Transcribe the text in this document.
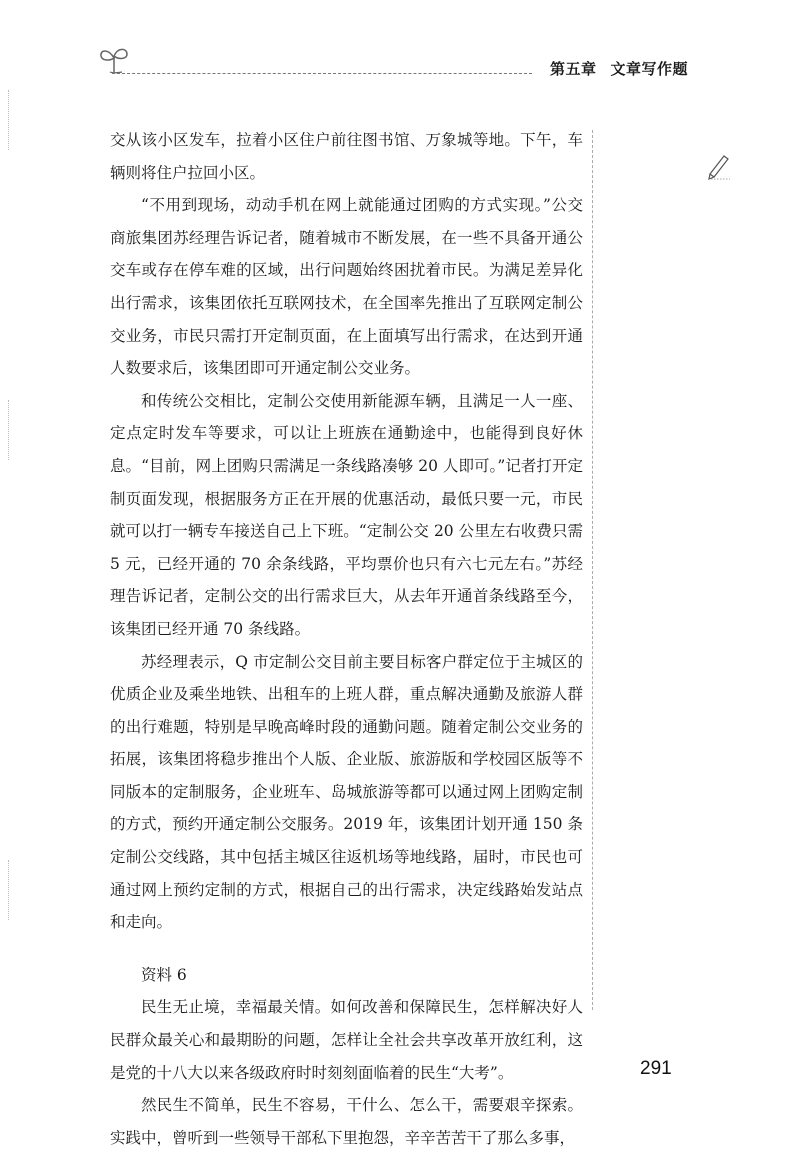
第五章 文章写作题

交从该小区发车，拉着小区住户前往图书馆、万象城等地。下午，车辆则将住户拉回小区。

“不用到现场，动动手机在网上就能通过团购的方式实现。”公交商旅集团苏经理告诉记者，随着城市不断发展，在一些不具备开通公交车或存在停车难的区域，出行问题始终困扰着市民。为满足差异化出行需求，该集团依托互联网技术，在全国率先推出了互联网定制公交业务，市民只需打开定制页面，在上面填写出行需求，在达到开通人数要求后，该集团即可开通定制公交业务。

和传统公交相比，定制公交使用新能源车辆，且满足一人一座、定点定时发车等要求，可以让上班族在通勤途中，也能得到良好休息。“目前，网上团购只需满足一条线路凑够 20 人即可。”记者打开定制页面发现，根据服务方正在开展的优惠活动，最低只要一元，市民就可以打一辆专车接送自己上下班。“定制公交 20 公里左右收费只需 5 元，已经开通的 70 余条线路，平均票价也只有六七元左右。”苏经理告诉记者，定制公交的出行需求巨大，从去年开通首条线路至今，该集团已经开通 70 条线路。

苏经理表示，Q 市定制公交目前主要目标客户群定位于主城区的优质企业及乘坐地铁、出租车的上班人群，重点解决通勤及旅游人群的出行难题，特别是早晚高峰时段的通勤问题。随着定制公交业务的拓展，该集团将稳步推出个人版、企业版、旅游版和学校园区版等不同版本的定制服务，企业班车、岛城旅游等都可以通过网上团购定制的方式，预约开通定制公交服务。2019 年，该集团计划开通 150 条定制公交线路，其中包括主城区往返机场等地线路，届时，市民也可通过网上预约定制的方式，根据自己的出行需求，决定线路始发站点和走向。

资料 6

民生无止境，幸福最关情。如何改善和保障民生，怎样解决好人民群众最关心和最期盼的问题，怎样让全社会共享改革开放红利，这是党的十八大以来各级政府时时刻刻面临着的民生“大考”。

然民生不简单，民生不容易，干什么、怎么干，需要艰辛探索。实践中，曾听到一些领导干部私下里抱怨，辛辛苦苦干了那么多事，

291
